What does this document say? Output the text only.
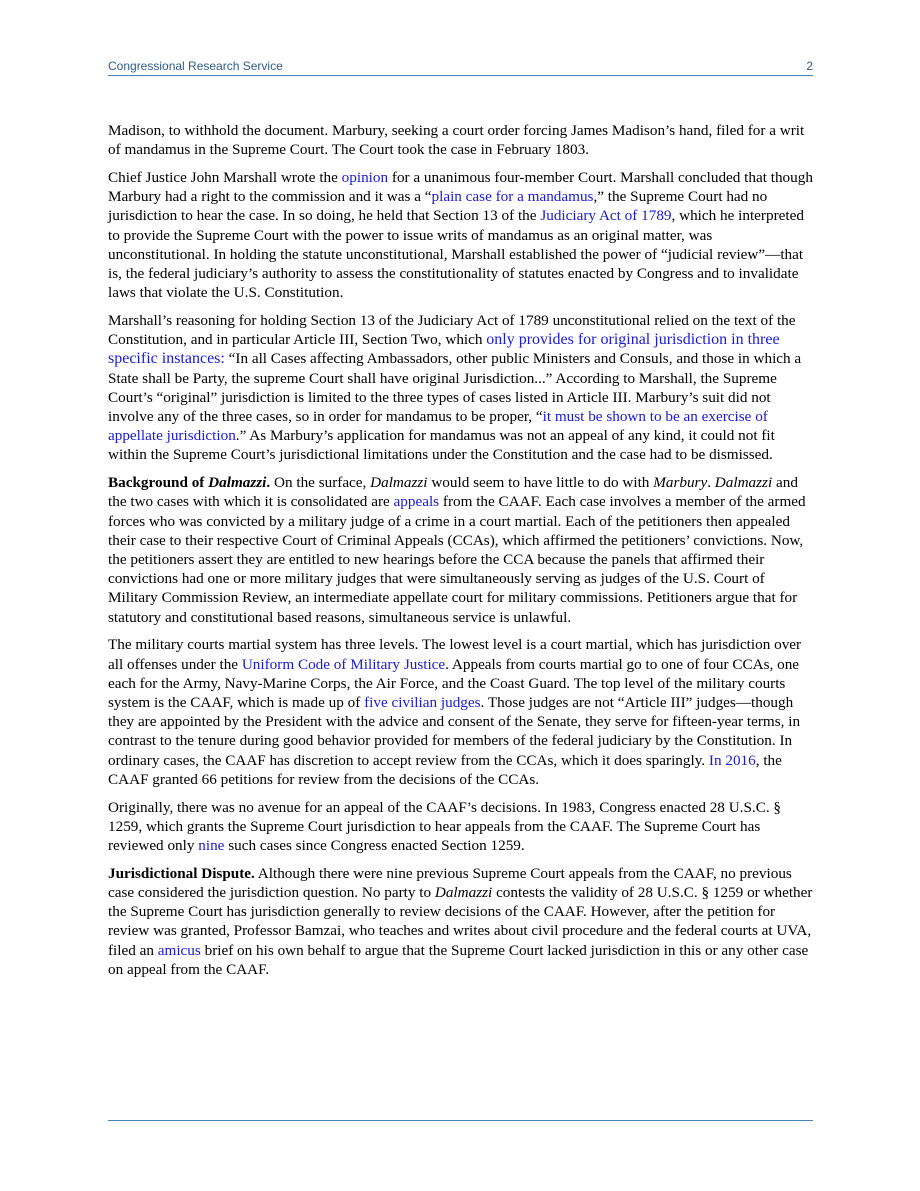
Congressional Research Service	2

Madison, to withhold the document. Marbury, seeking a court order forcing James Madison’s hand, filed for a writ of mandamus in the Supreme Court. The Court took the case in February 1803.

Chief Justice John Marshall wrote the opinion for a unanimous four-member Court. Marshall concluded that though Marbury had a right to the commission and it was a “plain case for a mandamus,” the Supreme Court had no jurisdiction to hear the case. In so doing, he held that Section 13 of the Judiciary Act of 1789, which he interpreted to provide the Supreme Court with the power to issue writs of mandamus as an original matter, was unconstitutional. In holding the statute unconstitutional, Marshall established the power of “judicial review”—that is, the federal judiciary’s authority to assess the constitutionality of statutes enacted by Congress and to invalidate laws that violate the U.S. Constitution.

Marshall’s reasoning for holding Section 13 of the Judiciary Act of 1789 unconstitutional relied on the text of the Constitution, and in particular Article III, Section Two, which only provides for original jurisdiction in three specific instances: “In all Cases affecting Ambassadors, other public Ministers and Consuls, and those in which a State shall be Party, the supreme Court shall have original Jurisdiction...” According to Marshall, the Supreme Court’s “original” jurisdiction is limited to the three types of cases listed in Article III. Marbury’s suit did not involve any of the three cases, so in order for mandamus to be proper, “it must be shown to be an exercise of appellate jurisdiction.” As Marbury’s application for mandamus was not an appeal of any kind, it could not fit within the Supreme Court’s jurisdictional limitations under the Constitution and the case had to be dismissed.

Background of Dalmazzi. On the surface, Dalmazzi would seem to have little to do with Marbury. Dalmazzi and the two cases with which it is consolidated are appeals from the CAAF. Each case involves a member of the armed forces who was convicted by a military judge of a crime in a court martial. Each of the petitioners then appealed their case to their respective Court of Criminal Appeals (CCAs), which affirmed the petitioners’ convictions. Now, the petitioners assert they are entitled to new hearings before the CCA because the panels that affirmed their convictions had one or more military judges that were simultaneously serving as judges of the U.S. Court of Military Commission Review, an intermediate appellate court for military commissions. Petitioners argue that for statutory and constitutional based reasons, simultaneous service is unlawful.

The military courts martial system has three levels. The lowest level is a court martial, which has jurisdiction over all offenses under the Uniform Code of Military Justice. Appeals from courts martial go to one of four CCAs, one each for the Army, Navy-Marine Corps, the Air Force, and the Coast Guard. The top level of the military courts system is the CAAF, which is made up of five civilian judges. Those judges are not “Article III” judges—though they are appointed by the President with the advice and consent of the Senate, they serve for fifteen-year terms, in contrast to the tenure during good behavior provided for members of the federal judiciary by the Constitution. In ordinary cases, the CAAF has discretion to accept review from the CCAs, which it does sparingly. In 2016, the CAAF granted 66 petitions for review from the decisions of the CCAs.

Originally, there was no avenue for an appeal of the CAAF’s decisions. In 1983, Congress enacted 28 U.S.C. § 1259, which grants the Supreme Court jurisdiction to hear appeals from the CAAF. The Supreme Court has reviewed only nine such cases since Congress enacted Section 1259.

Jurisdictional Dispute. Although there were nine previous Supreme Court appeals from the CAAF, no previous case considered the jurisdiction question. No party to Dalmazzi contests the validity of 28 U.S.C. § 1259 or whether the Supreme Court has jurisdiction generally to review decisions of the CAAF. However, after the petition for review was granted, Professor Bamzai, who teaches and writes about civil procedure and the federal courts at UVA, filed an amicus brief on his own behalf to argue that the Supreme Court lacked jurisdiction in this or any other case on appeal from the CAAF.
